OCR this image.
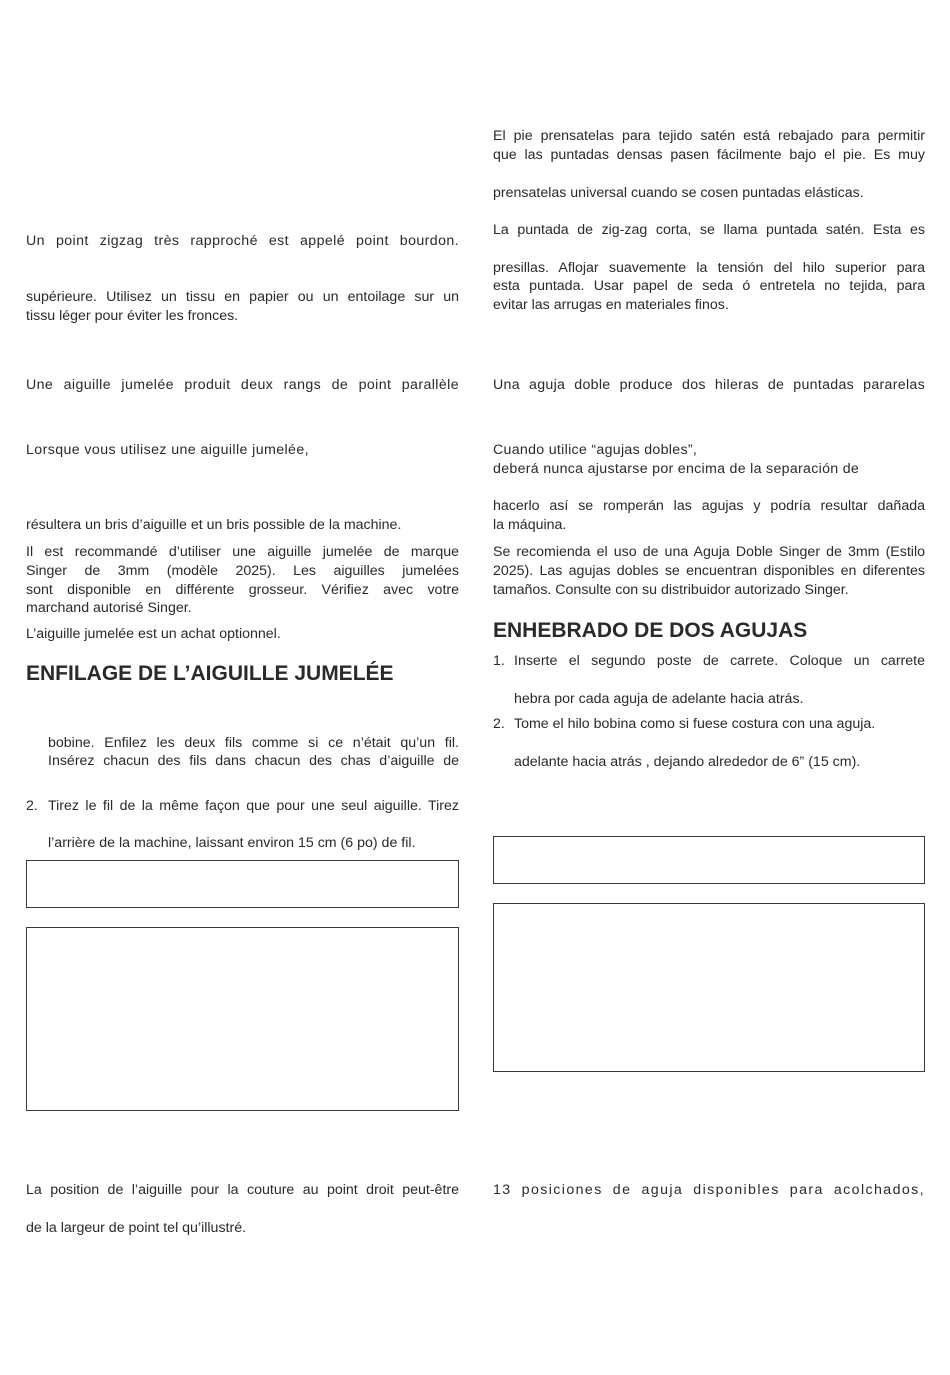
Un point zigzag très rapproché est appelé point bourdon.

supérieure. Utilisez un tissu en papier ou un entoilage sur un

tissu léger pour éviter les fronces.

Une aiguille jumelée produit deux rangs de point parallèle

Lorsque vous utilisez une aiguille jumelée,

résultera un bris d’aiguille et un bris possible de la machine.

Il est recommandé d’utiliser une aiguille jumelée de marque

Singer de 3mm (modèle 2025). Les aiguilles jumelées

sont disponible en différente grosseur. Vérifiez avec votre

marchand autorisé Singer.

L’aiguille jumelée est un achat optionnel.

ENFILAGE DE L’AIGUILLE JUMELÉE

bobine. Enfilez les deux fils comme si ce n’était qu’un fil.

Insérez chacun des fils dans chacun des chas d’aiguille de

2. Tirez le fil de la même façon que pour une seul aiguille. Tirez

l’arrière de la machine, laissant environ 15 cm (6 po) de fil.

La position de l’aiguille pour la couture au point droit peut-être

de la largeur de point tel qu’illustré.

El pie prensatelas para tejido satén está rebajado para permitir

que las puntadas densas pasen fácilmente bajo el pie. Es muy

prensatelas universal cuando se cosen puntadas elásticas.

La puntada de zig-zag corta, se llama puntada satén. Esta es

presillas. Aflojar suavemente la tensión del hilo superior para

esta puntada. Usar papel de seda ó entretela no tejida, para

evitar las arrugas en materiales finos.

Una aguja doble produce dos hileras de puntadas pararelas

Cuando utilice “agujas dobles”,

deberá nunca ajustarse por encima de la separación de

hacerlo así se romperán las agujas y podría resultar dañada

la máquina.

Se recomienda el uso de una Aguja Doble Singer de 3mm (Estilo

2025). Las agujas dobles se encuentran disponibles en diferentes

tamaños. Consulte con su distribuidor autorizado Singer.

ENHEBRADO DE DOS AGUJAS
1. Inserte el segundo poste de carrete. Coloque un carrete

hebra por cada aguja de adelante hacia atrás.

2. Tome el hilo bobina como si fuese costura con una aguja.

adelante hacia atrás , dejando alrededor de 6” (15 cm).

13 posiciones de aguja disponibles para acolchados,
